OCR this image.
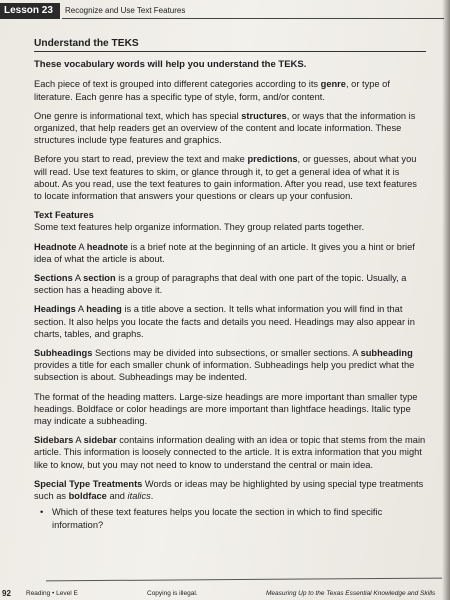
Lesson 23	Recognize and Use Text Features
Understand the TEKS
These vocabulary words will help you understand the TEKS.

Each piece of text is grouped into different categories according to its genre, or type of literature. Each genre has a specific type of style, form, and/or content.

One genre is informational text, which has special structures, or ways that the information is organized, that help readers get an overview of the content and locate information. These structures include type features and graphics.

Before you start to read, preview the text and make predictions, or guesses, about what you will read. Use text features to skim, or glance through it, to get a general idea of what it is about. As you read, use the text features to gain information. After you read, use text features to locate information that answers your questions or clears up your confusion.

Text Features
Some text features help organize information. They group related parts together.

Headnote A headnote is a brief note at the beginning of an article. It gives you a hint or brief idea of what the article is about.

Sections A section is a group of paragraphs that deal with one part of the topic. Usually, a section has a heading above it.

Headings A heading is a title above a section. It tells what information you will find in that section. It also helps you locate the facts and details you need. Headings may also appear in charts, tables, and graphs.

Subheadings Sections may be divided into subsections, or smaller sections. A subheading provides a title for each smaller chunk of information. Subheadings help you predict what the subsection is about. Subheadings may be indented.

The format of the heading matters. Large-size headings are more important than smaller type headings. Boldface or color headings are more important than lightface headings. Italic type may indicate a subheading.

Sidebars A sidebar contains information dealing with an idea or topic that stems from the main article. This information is loosely connected to the article. It is extra information that you might like to know, but you may not need to know to understand the central or main idea.

Special Type Treatments Words or ideas may be highlighted by using special type treatments such as boldface and italics.

• Which of these text features helps you locate the section in which to find specific information?
92 Reading • Level E	Copying is illegal.	Measuring Up to the Texas Essential Knowledge and Skills
